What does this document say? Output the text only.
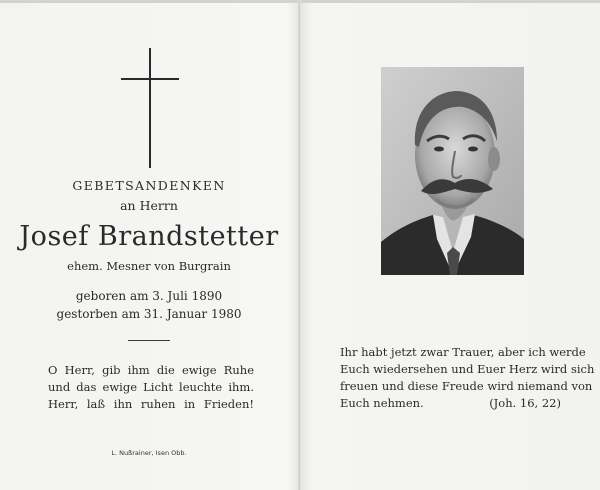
GEBETSANDENKEN
an Herrn
Josef Brandstetter
ehem. Mesner von Burgrain
geboren am 3. Juli 1890
gestorben am 31. Januar 1980
O Herr, gib ihm die ewige Ruhe
und das ewige Licht leuchte ihm.
Herr, laß ihn ruhen in Frieden!
L. Nußrainer, Isen Obb.
Ihr habt jetzt zwar Trauer, aber ich werde
Euch wiedersehen und Euer Herz wird sich
freuen und diese Freude wird niemand von
Euch nehmen.	(Joh. 16, 22)
